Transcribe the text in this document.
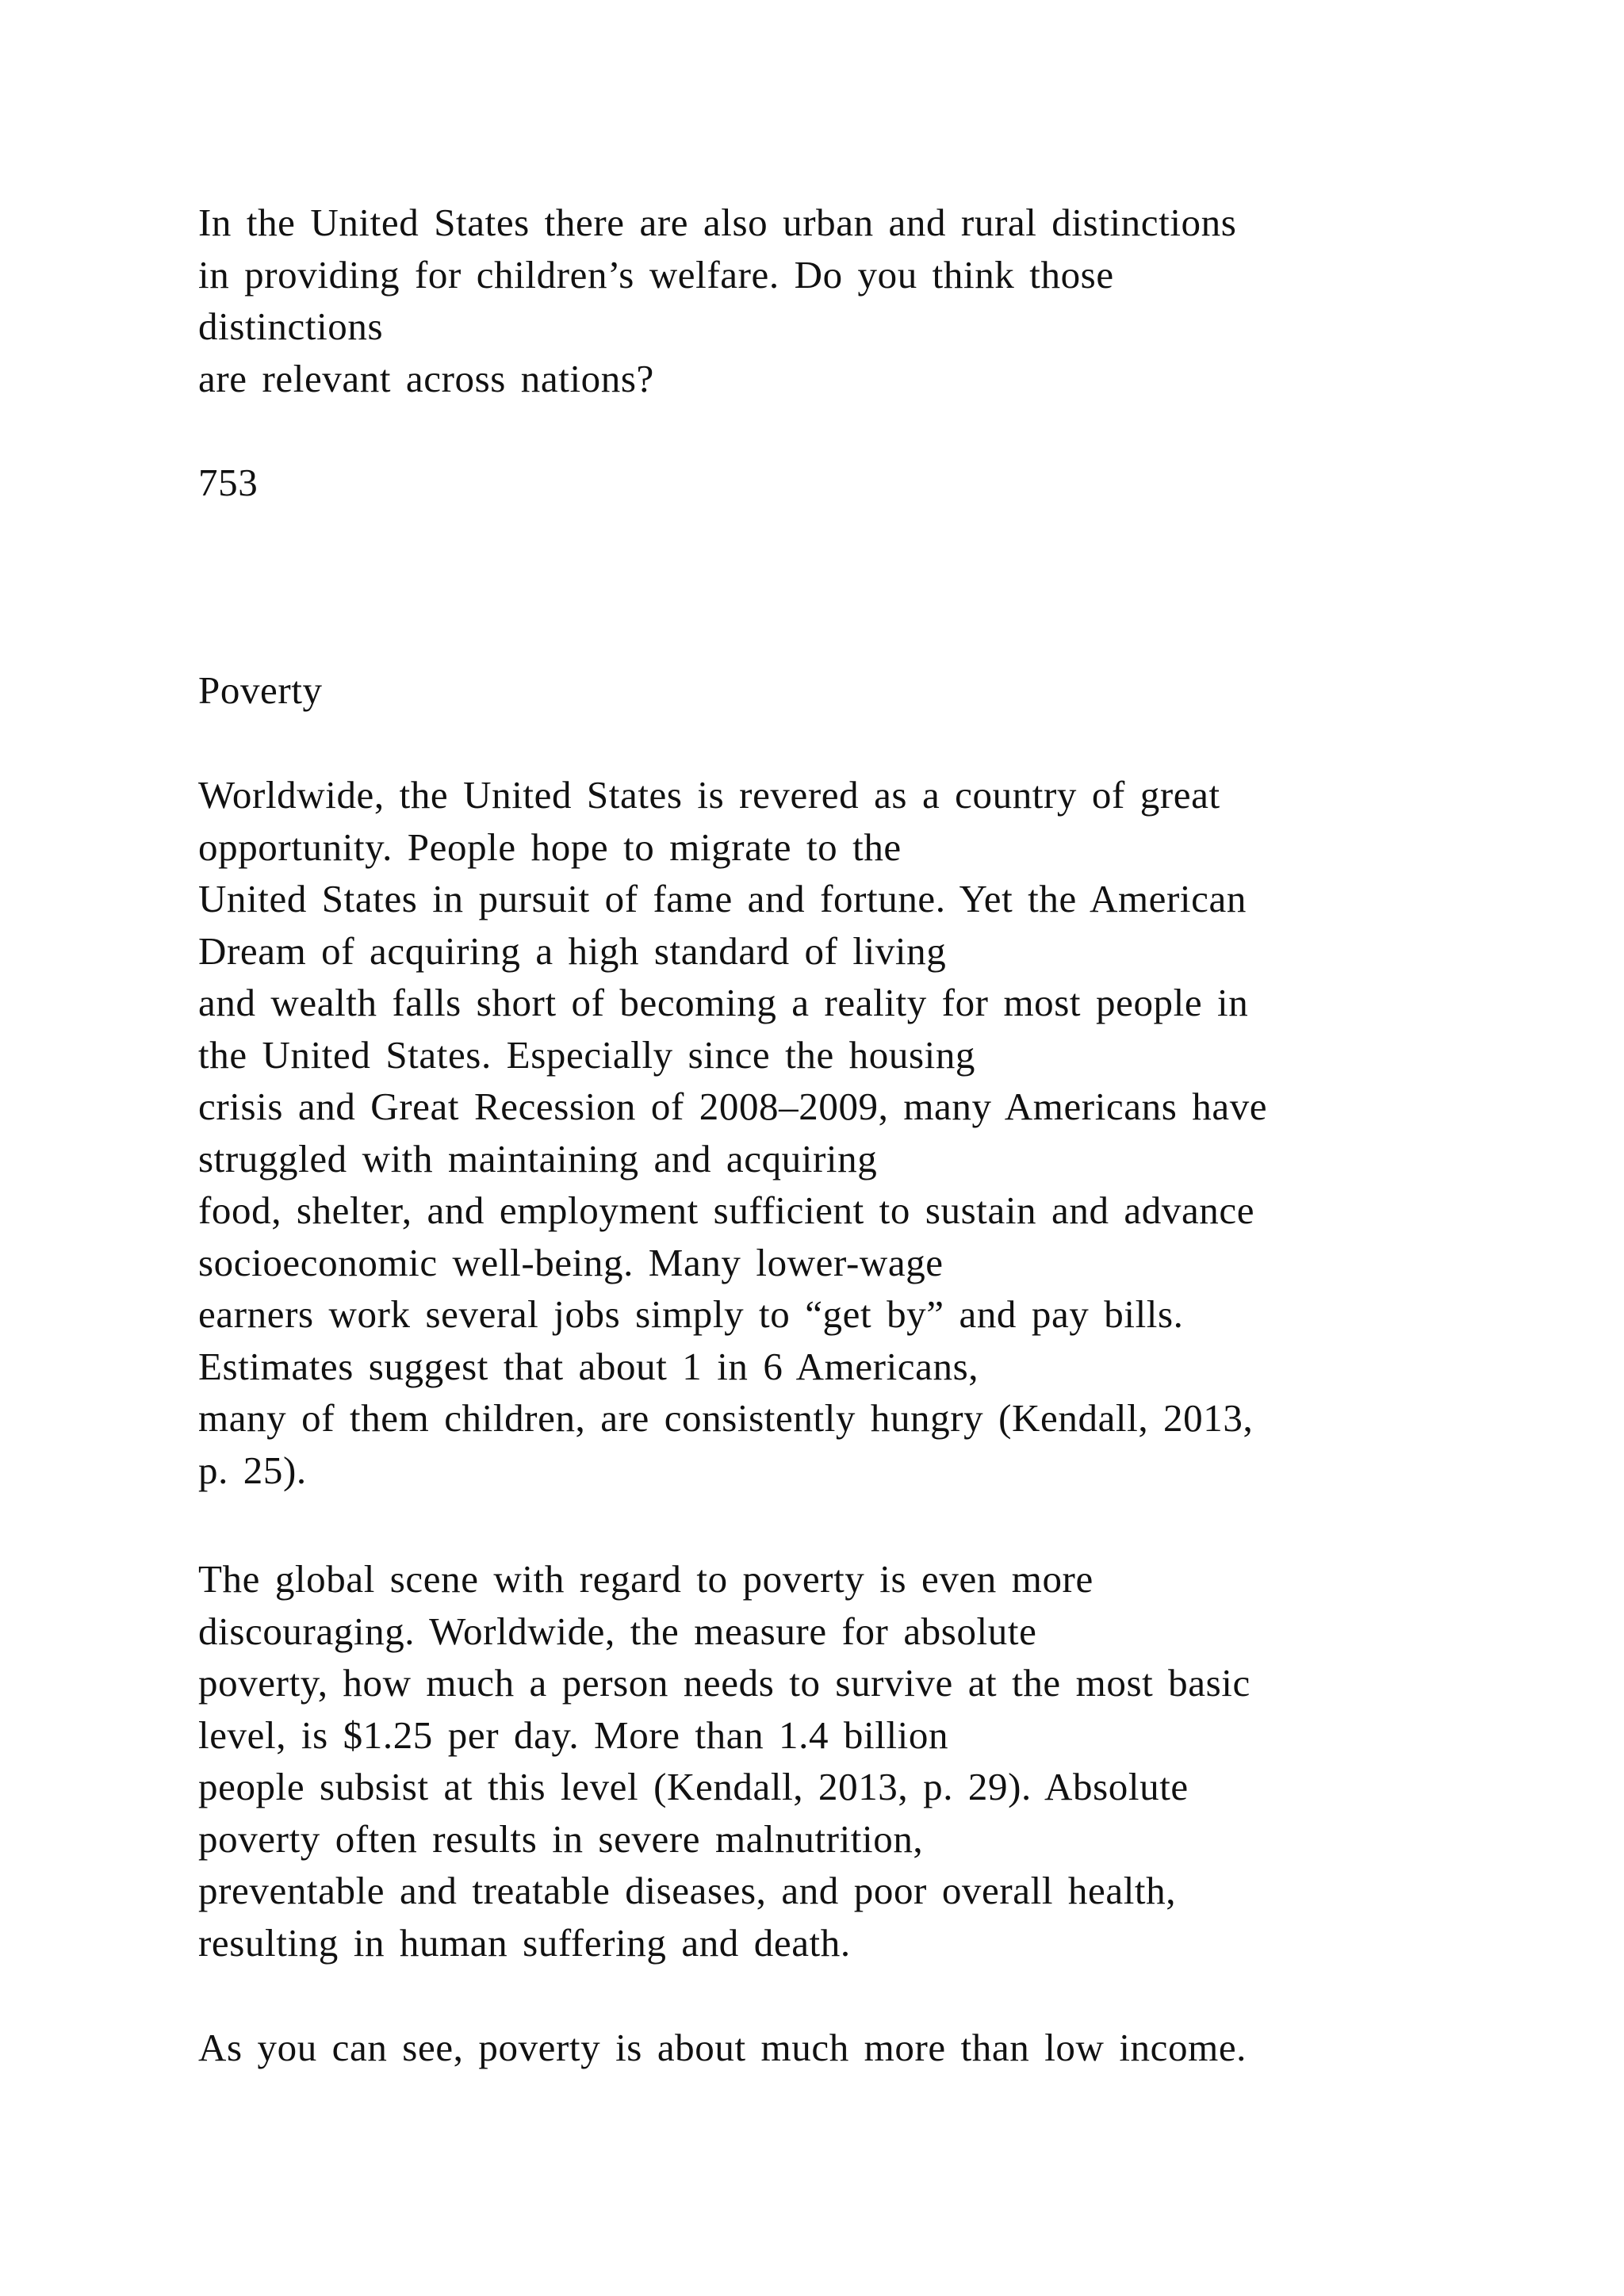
In the United States there are also urban and rural distinctions
in providing for children’s welfare. Do you think those
distinctions
are relevant across nations?

753

Poverty

Worldwide, the United States is revered as a country of great
opportunity. People hope to migrate to the
United States in pursuit of fame and fortune. Yet the American
Dream of acquiring a high standard of living
and wealth falls short of becoming a reality for most people in
the United States. Especially since the housing
crisis and Great Recession of 2008–2009, many Americans have
struggled with maintaining and acquiring
food, shelter, and employment sufficient to sustain and advance
socioeconomic well-being. Many lower-wage
earners work several jobs simply to “get by” and pay bills.
Estimates suggest that about 1 in 6 Americans,
many of them children, are consistently hungry (Kendall, 2013,
p. 25).

The global scene with regard to poverty is even more
discouraging. Worldwide, the measure for absolute
poverty, how much a person needs to survive at the most basic
level, is $1.25 per day. More than 1.4 billion
people subsist at this level (Kendall, 2013, p. 29). Absolute
poverty often results in severe malnutrition,
preventable and treatable diseases, and poor overall health,
resulting in human suffering and death.

As you can see, poverty is about much more than low income.
